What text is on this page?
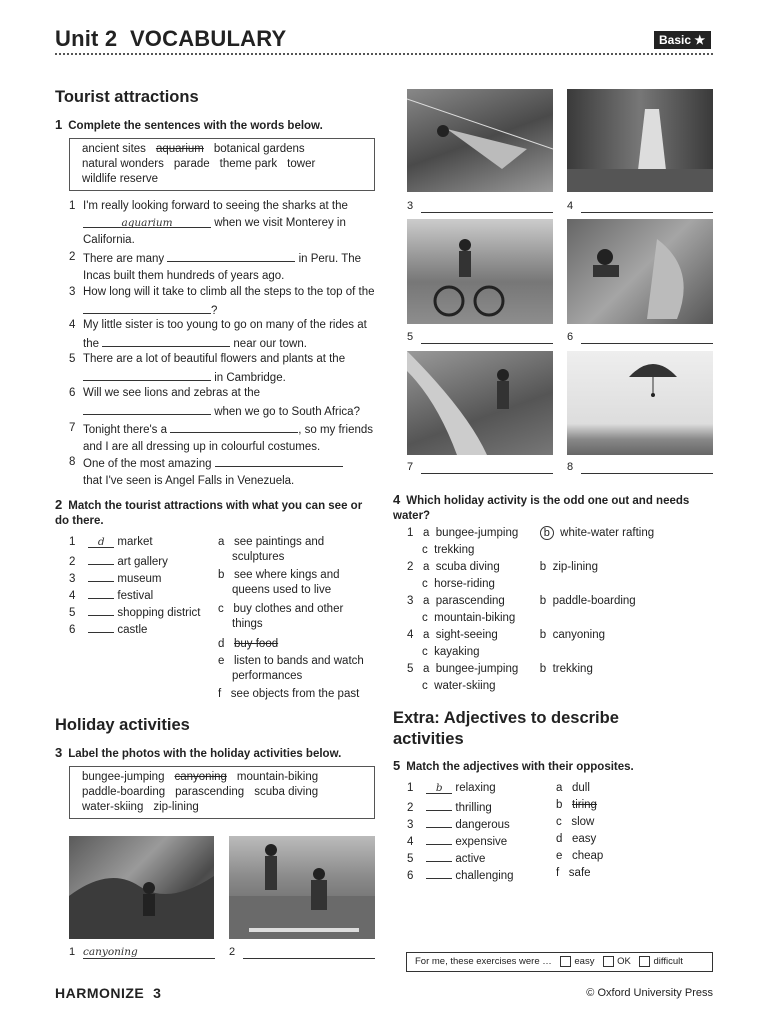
Unit 2 VOCABULARY	Basic ★
Tourist attractions
1 Complete the sentences with the words below.
ancient sites aquarium botanical gardens
natural wonders parade theme park tower
wildlife reserve
1 I'm really looking forward to seeing the sharks at the
aquarium	when we visit Monterey in California.
2 There are many	in Peru. The Incas built them hundreds of years ago.
3 How long will it take to climb all the steps to the top of the ?
4 My little sister is too young to go on many of the rides at the	near our town.
5 There are a lot of beautiful flowers and plants at the
in Cambridge.
6 Will we see lions and zebras at the
when we go to South Africa?
7 Tonight there's a	, so my friends and I are all dressing up in colourful costumes.
8 One of the most amazing
that I've seen is Angel Falls in Venezuela.
2 Match the tourist attractions with what you can see or do there.
1 d market
2	art gallery
3	museum
4	festival
5	shopping district
6	castle
a see paintings and
sculptures
b see where kings and
queens used to live
c buy clothes and other
things
d buy food
e listen to bands and watch
performances
f see objects from the past
Holiday activities
3 Label the photos with the holiday activities below.
bungee-jumping canyoning mountain-biking
paddle-boarding parascending scuba diving
water-skiing zip-lining
1 canyoning	2
3	4
5	6
7	8
4 Which holiday activity is the odd one out and needs water?
1   a  bungee-jumping b white-water rafting
c  trekking
2   a  scuba diving	b  zip-lining
c  horse-riding
3   a  parascending	b  paddle-boarding
c  mountain-biking
4   a  sight-seeing	b  canyoning
c  kayaking
5   a  bungee-jumping b  trekking
c  water-skiing
Extra: Adjectives to describe
activities
5 Match the adjectives with their opposites.
1 b relaxing
2	thrilling
3	dangerous
4	expensive
5	active
6	challenging
a dull
b tiring
c slow
d easy
e cheap
f safe
For me, these exercises were … easy OK difficult
HARMONIZE 3	© Oxford University Press
